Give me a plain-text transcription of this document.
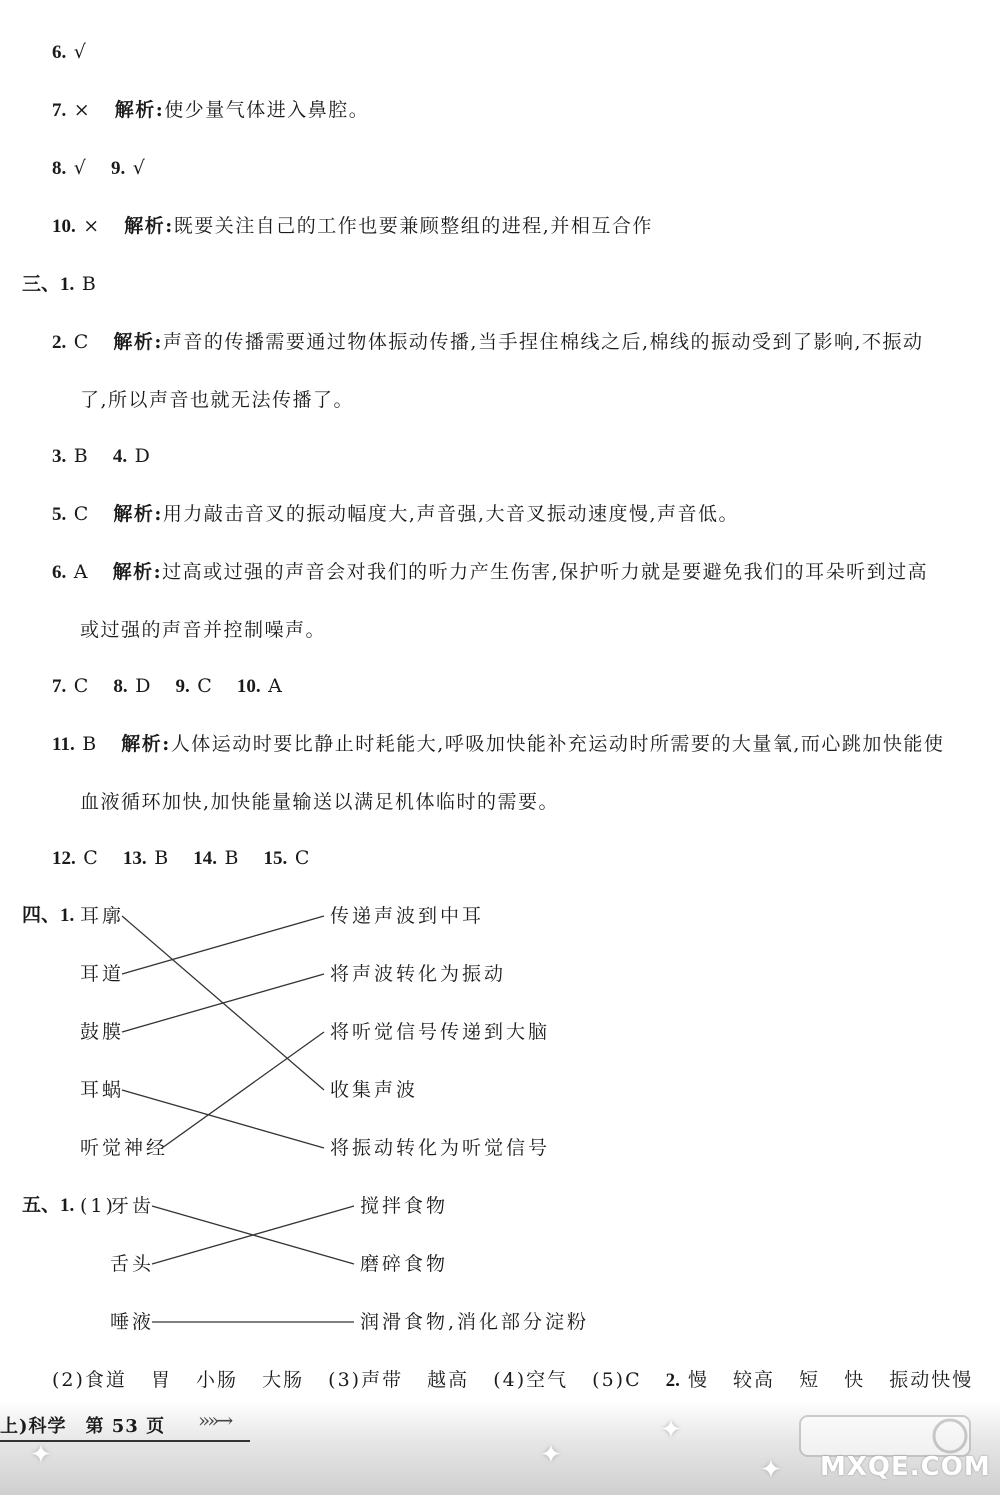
6. √
7. × 解析:使少量气体进入鼻腔。
8. √ 9. √
10. × 解析:既要关注自己的工作也要兼顾整组的进程,并相互合作
三、1. B
2. C 解析:声音的传播需要通过物体振动传播,当手捏住棉线之后,棉线的振动受到了影响,不振动
了,所以声音也就无法传播了。
3. B 4. D
5. C 解析:用力敲击音叉的振动幅度大,声音强,大音叉振动速度慢,声音低。
6. A 解析:过高或过强的声音会对我们的听力产生伤害,保护听力就是要避免我们的耳朵听到过高
或过强的声音并控制噪声。
7. C 8. D 9. C 10. A
11. B 解析:人体运动时要比静止时耗能大,呼吸加快能补充运动时所需要的大量氧,而心跳加快能使
血液循环加快,加快能量输送以满足机体临时的需要。
12. C 13. B 14. B 15. C
四、1. 耳廓
耳道
鼓膜
耳蜗
听觉神经
传递声波到中耳
将声波转化为振动
将听觉信号传递到大脑
收集声波
将振动转化为听觉信号
五、1. (1)
牙齿
舌头
唾液
搅拌食物
磨碎食物
润滑食物,消化部分淀粉
(2)食道 胃 小肠 大肠 (3)声带 越高 (4)空气 (5)C 2. 慢 较高 短 快 振动快慢
上)科学　第 53 页 »»→
MXQE.COM
✦	✦
✦
✦
